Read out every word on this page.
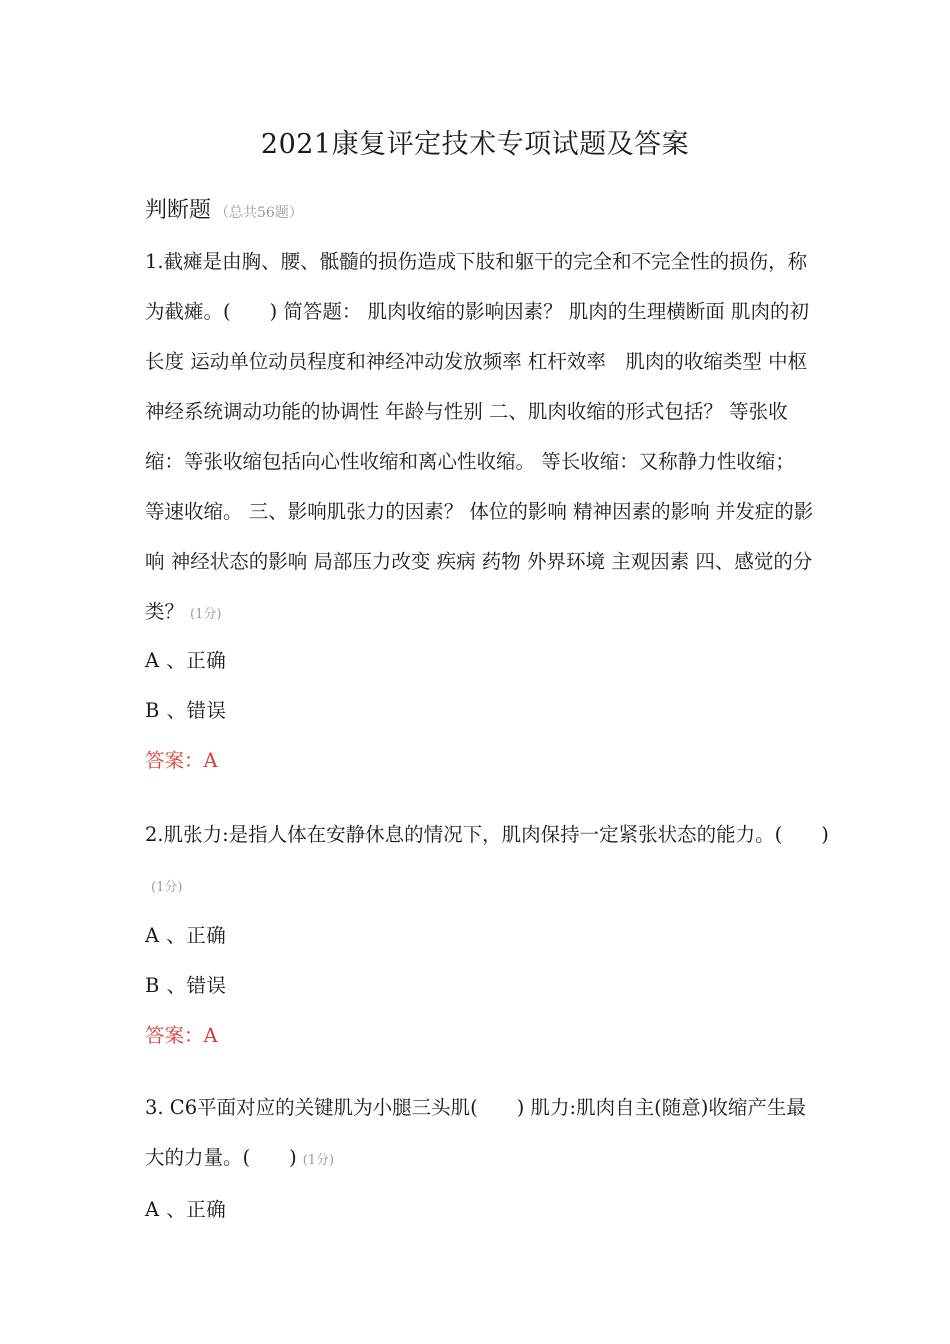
2021康复评定技术专项试题及答案
判断题 （总共56题）
1.截瘫是由胸、腰、骶髓的损伤造成下肢和躯干的完全和不完全性的损伤，称为截瘫。(　　) 简答题： 肌肉收缩的影响因素？ 肌肉的生理横断面 肌肉的初长度 运动单位动员程度和神经冲动发放频率 杠杆效率　肌肉的收缩类型 中枢神经系统调动功能的协调性 年龄与性别 二、肌肉收缩的形式包括？ 等张收缩：等张收缩包括向心性收缩和离心性收缩。 等长收缩：又称静力性收缩； 等速收缩。 三、影响肌张力的因素？ 体位的影响 精神因素的影响 并发症的影响 神经状态的影响 局部压力改变 疾病 药物 外界环境 主观因素 四、感觉的分类？ (1分)
A 、正确
B 、错误
答案：A
2.肌张力:是指人体在安静休息的情况下，肌肉保持一定紧张状态的能力。(　　)(1分)
A 、正确
B 、错误
答案：A
3. C6平面对应的关键肌为小腿三头肌(　　) 肌力:肌肉自主(随意)收缩产生最大的力量。(　　) (1分)
A 、正确
